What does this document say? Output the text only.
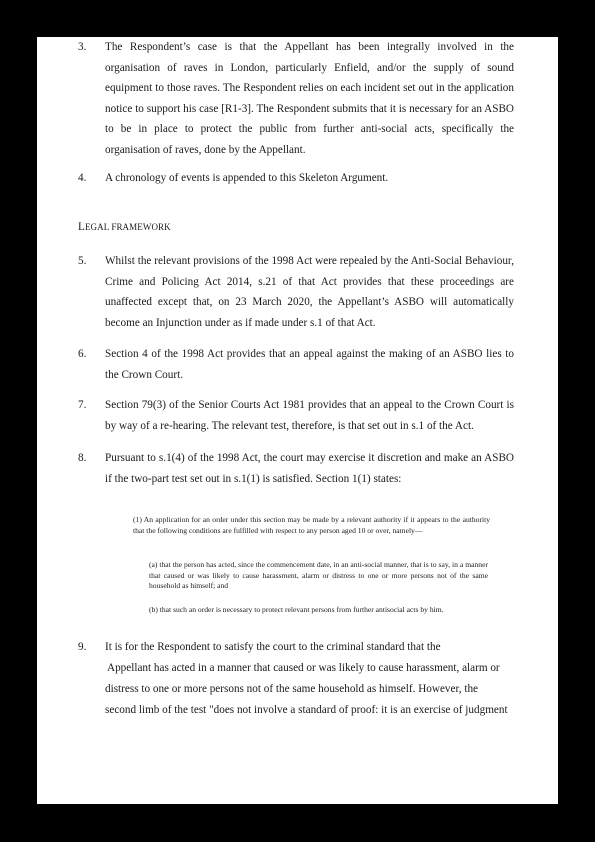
3. The Respondent’s case is that the Appellant has been integrally involved in the organisation of raves in London, particularly Enfield, and/or the supply of sound equipment to those raves. The Respondent relies on each incident set out in the application notice to support his case [R1-3]. The Respondent submits that it is necessary for an ASBO to be in place to protect the public from further anti-social acts, specifically the organisation of raves, done by the Appellant.
4. A chronology of events is appended to this Skeleton Argument.
LEGAL FRAMEWORK
5. Whilst the relevant provisions of the 1998 Act were repealed by the Anti-Social Behaviour, Crime and Policing Act 2014, s.21 of that Act provides that these proceedings are unaffected except that, on 23 March 2020, the Appellant’s ASBO will automatically become an Injunction under as if made under s.1 of that Act.
6. Section 4 of the 1998 Act provides that an appeal against the making of an ASBO lies to the Crown Court.
7. Section 79(3) of the Senior Courts Act 1981 provides that an appeal to the Crown Court is by way of a re-hearing. The relevant test, therefore, is that set out in s.1 of the Act.
8. Pursuant to s.1(4) of the 1998 Act, the court may exercise it discretion and make an ASBO if the two-part test set out in s.1(1) is satisfied. Section 1(1) states:
(1) An application for an order under this section may be made by a relevant authority if it appears to the authority that the following conditions are fulfilled with respect to any person aged 10 or over, namely—
(a) that the person has acted, since the commencement date, in an anti-social manner, that is to say, in a manner that caused or was likely to cause harassment, alarm or distress to one or more persons not of the same household as himself; and
(b) that such an order is necessary to protect relevant persons from further antisocial acts by him.
9. It is for the Respondent to satisfy the court to the criminal standard that the
Appellant has acted in a manner that caused or was likely to cause harassment, alarm or
distress to one or more persons not of the same household as himself. However, the
second limb of the test "does not involve a standard of proof: it is an exercise of judgment
